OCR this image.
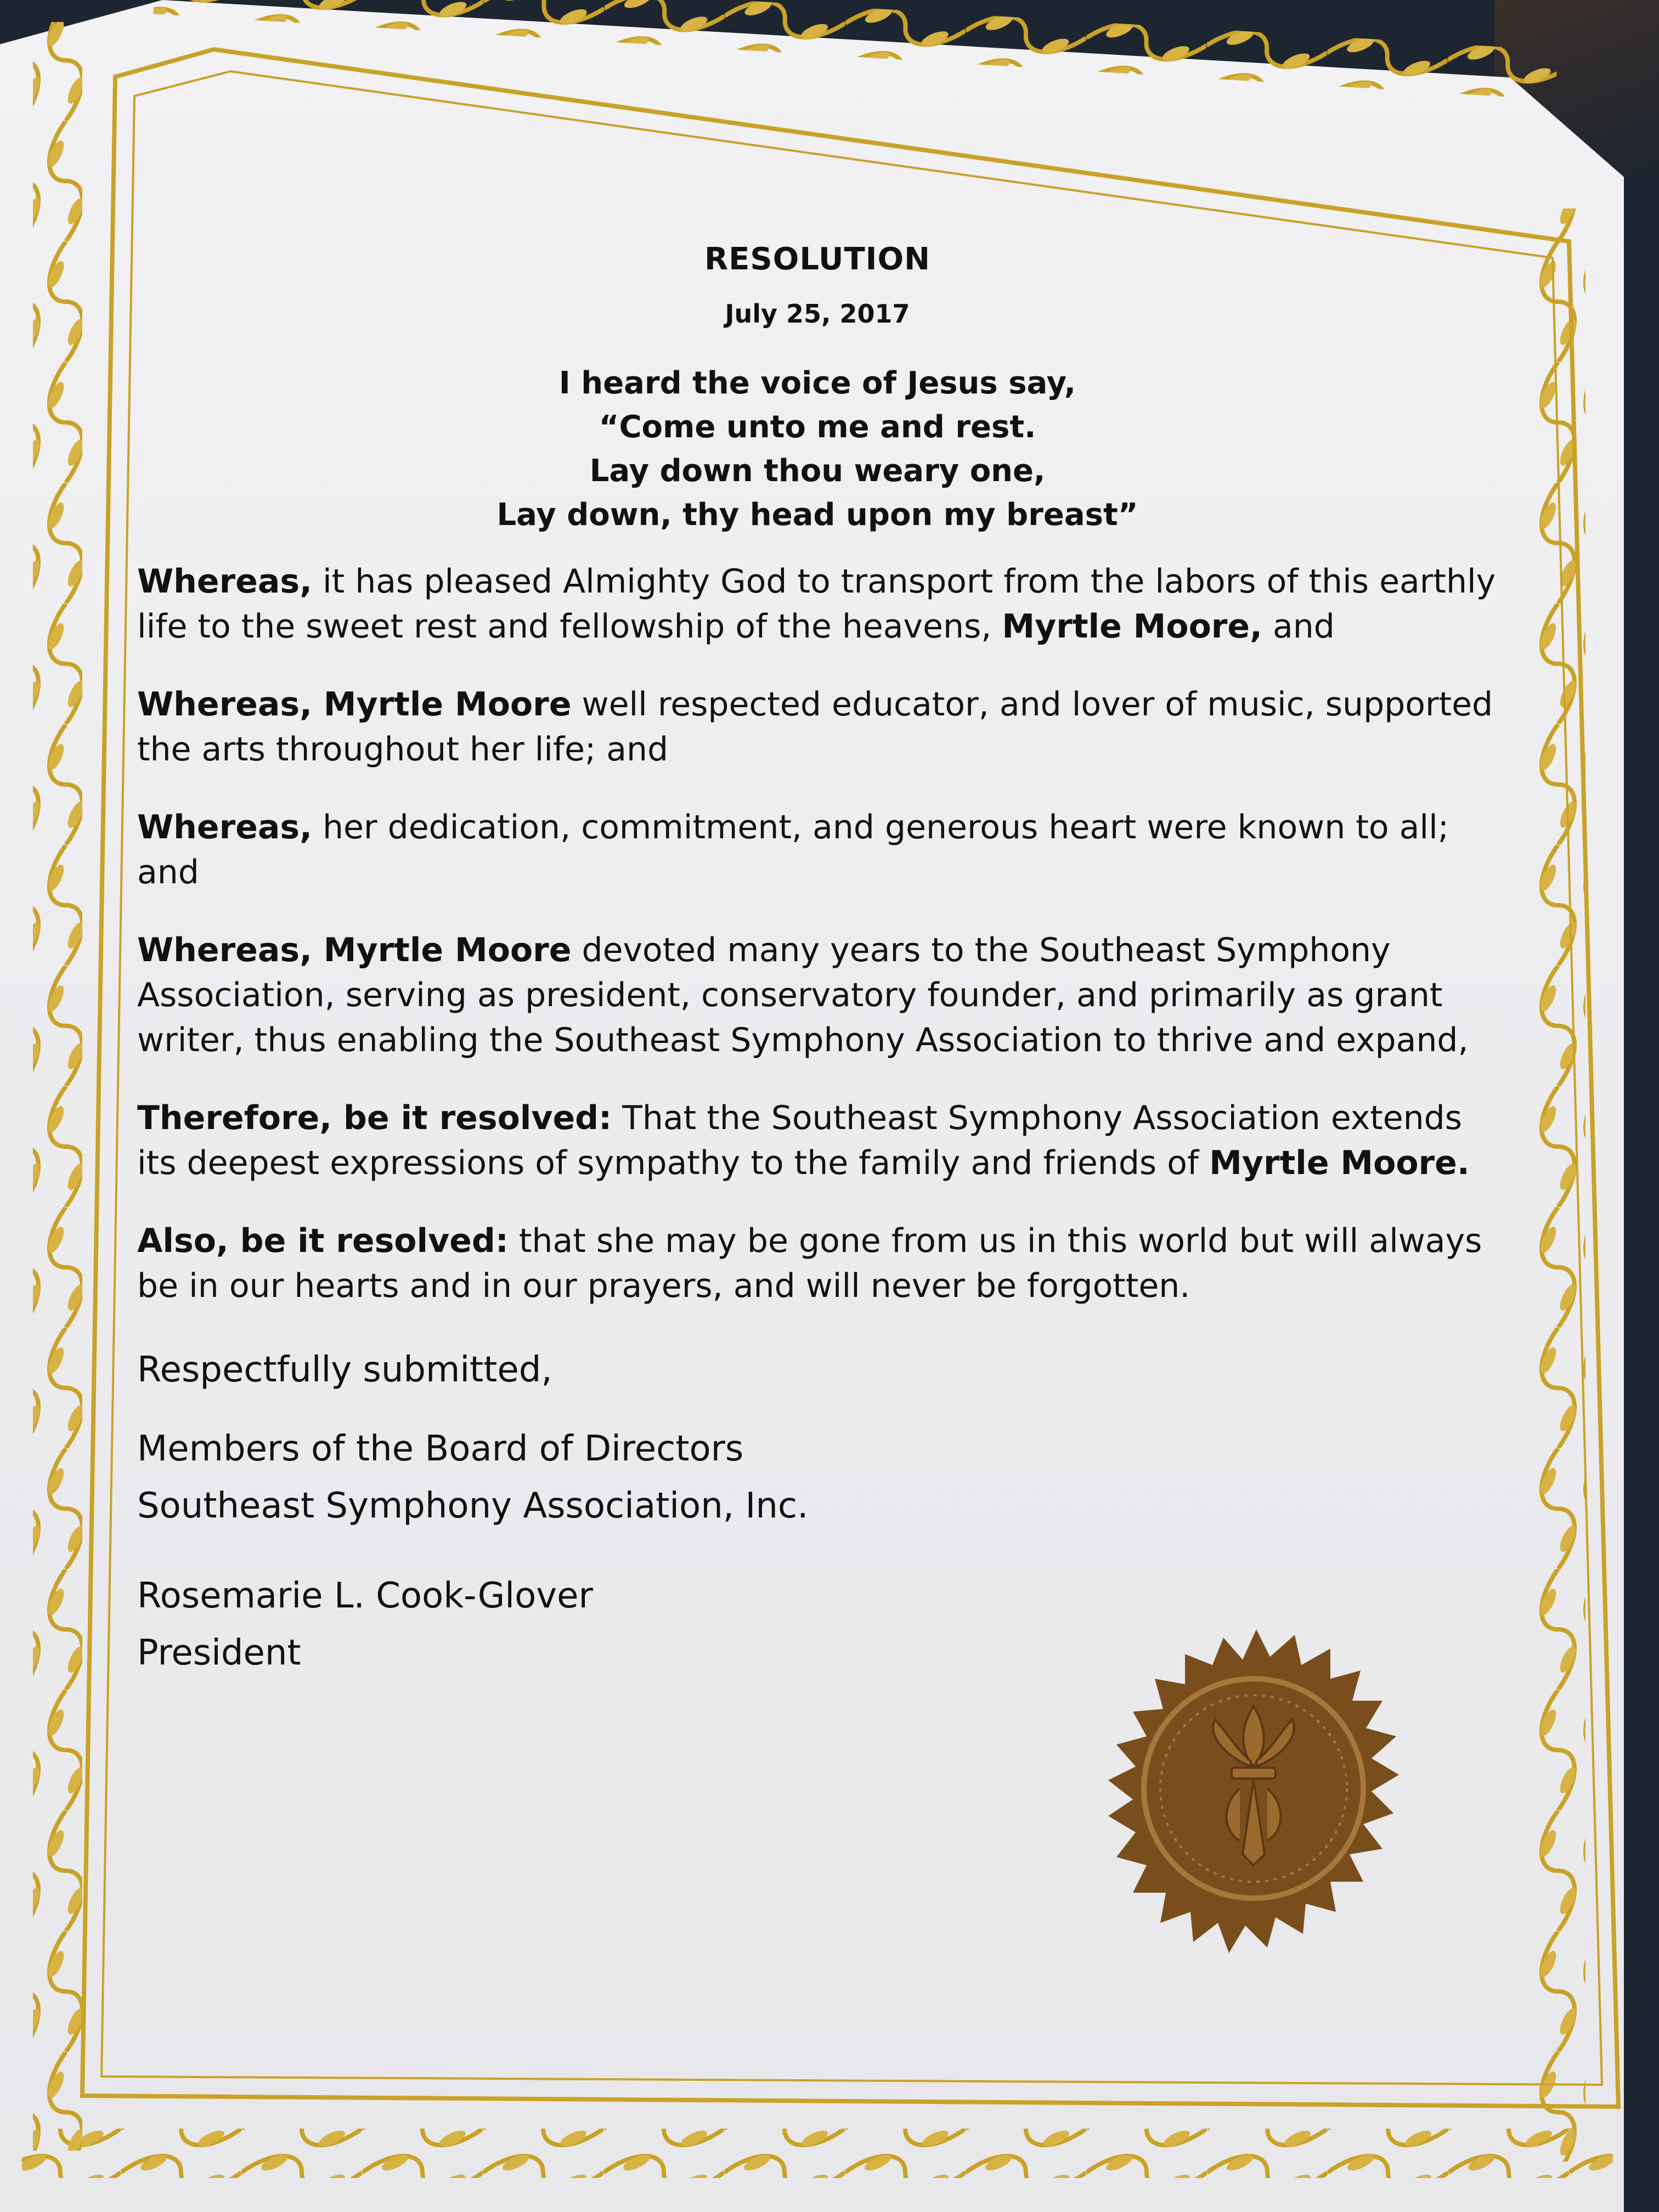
RESOLUTION
July 25, 2017
I heard the voice of Jesus say,
“Come unto me and rest.
Lay down thou weary one,
Lay down, thy head upon my breast”

Whereas, it has pleased Almighty God to transport from the labors of this earthly life to the sweet rest and fellowship of the heavens, Myrtle Moore, and

Whereas, Myrtle Moore well respected educator, and lover of music, supported the arts throughout her life; and

Whereas, her dedication, commitment, and generous heart were known to all; and

Whereas, Myrtle Moore devoted many years to the Southeast Symphony Association, serving as president, conservatory founder, and primarily as grant writer, thus enabling the Southeast Symphony Association to thrive and expand,

Therefore, be it resolved: That the Southeast Symphony Association extends its deepest expressions of sympathy to the family and friends of Myrtle Moore.

Also, be it resolved: that she may be gone from us in this world but will always be in our hearts and in our prayers, and will never be forgotten.

Respectfully submitted,

Members of the Board of Directors

Southeast Symphony Association, Inc.

Rosemarie L. Cook-Glover

President
